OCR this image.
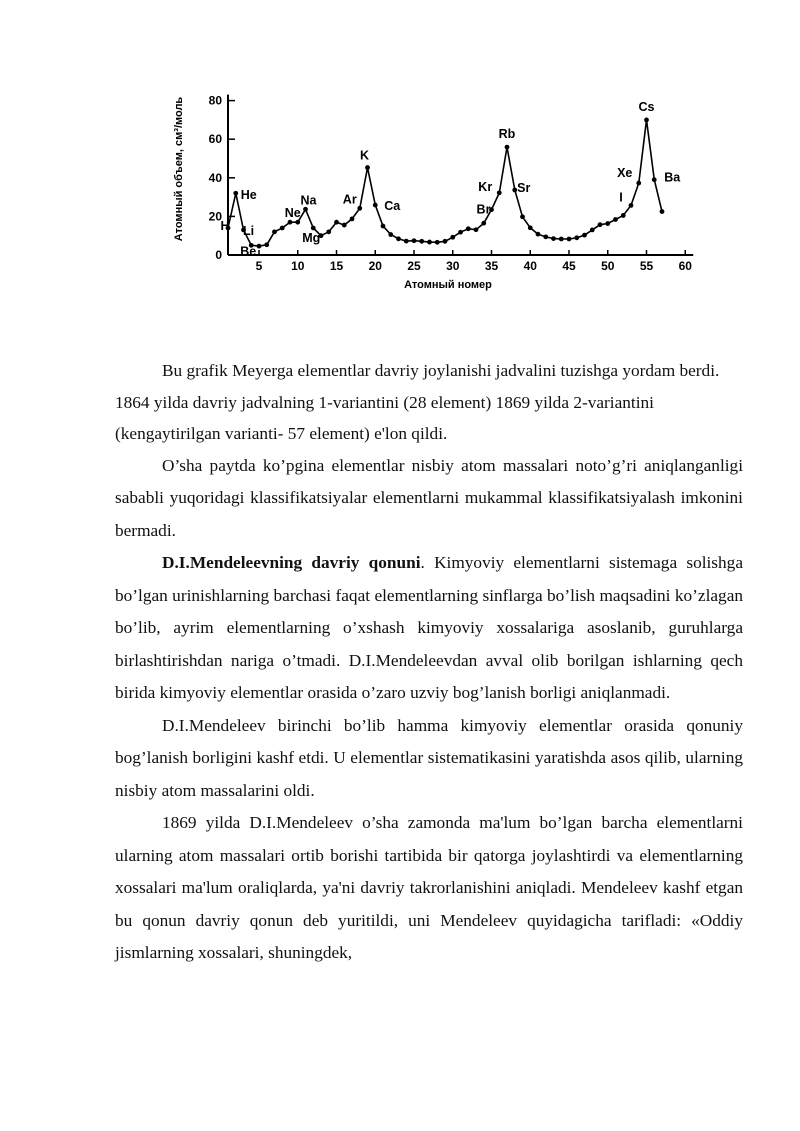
5 10 15 20 25 30 35 40 45 50 55 60
0
20
40
60
80
H
He
Li
Be
Ne
Na
Mg
Ar
K
Ca	Br
Kr
Rb
Sr
I
Xe
Cs
Ba
Атомный объем, см³/моль
Атомный номер

Bu grafik Meyerga elementlar davriy joylanishi jadvalini tuzishga yordam berdi. 1864 yilda davriy jadvalning 1-variantini (28 element) 1869 yilda 2-variantini (kengaytirilgan varianti- 57 element) e'lon qildi.

O’sha paytda ko’pgina elementlar nisbiy atom massalari noto’g’ri aniqlanganligi sababli yuqoridagi klassifikatsiyalar elementlarni mukammal klassifikatsiyalash imkonini bermadi.

D.I.Mendeleevning davriy qonuni. Kimyoviy elementlarni sistemaga solishga bo’lgan urinishlarning barchasi faqat elementlarning sinflarga bo’lish maqsadini ko’zlagan bo’lib, ayrim elementlarning o’xshash kimyoviy xossalariga asoslanib, guruhlarga birlashtirishdan nariga o’tmadi. D.I.Mendeleevdan avval olib borilgan ishlarning qech birida kimyoviy elementlar orasida o’zaro uzviy bog’lanish borligi aniqlanmadi.

D.I.Mendeleev birinchi bo’lib hamma kimyoviy elementlar orasida qonuniy bog’lanish borligini kashf etdi. U elementlar sistematikasini yaratishda asos qilib, ularning nisbiy atom massalarini oldi.

1869 yilda D.I.Mendeleev o’sha zamonda ma'lum bo’lgan barcha elementlarni ularning atom massalari ortib borishi tartibida bir qatorga joylashtirdi va elementlarning xossalari ma'lum oraliqlarda, ya'ni davriy takrorlanishini aniqladi. Mendeleev kashf etgan bu qonun davriy qonun deb yuritildi, uni Mendeleev quyidagicha tarifladi: «Oddiy jismlarning xossalari, shuningdek,
